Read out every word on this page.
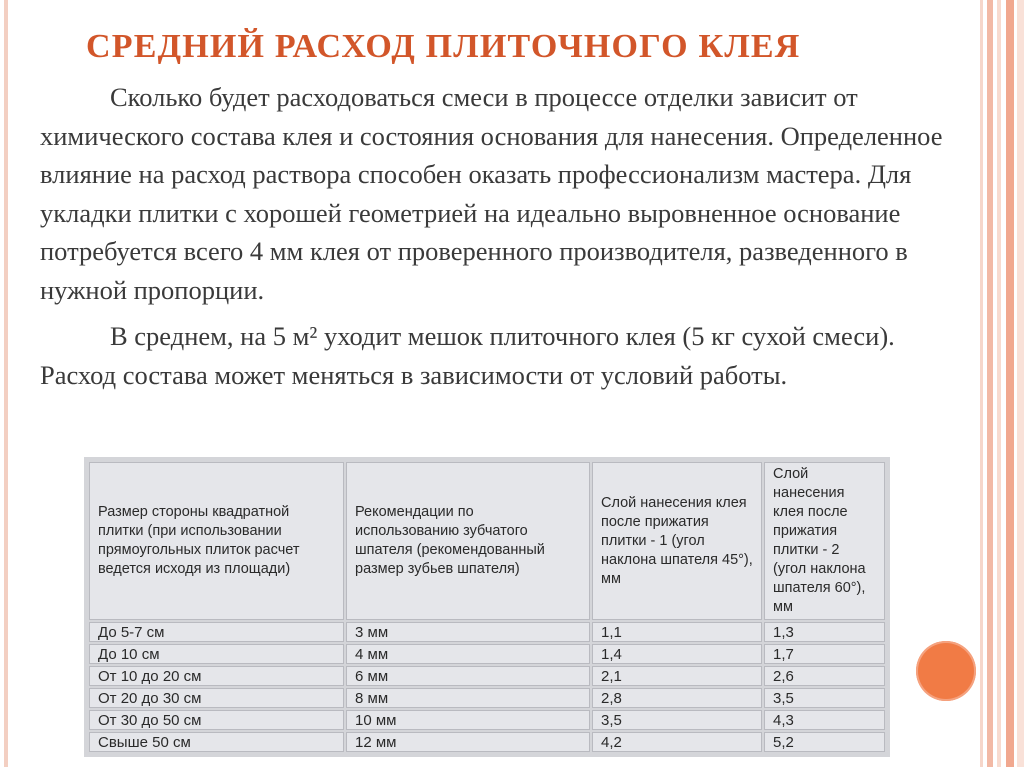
СРЕДНИЙ РАСХОД ПЛИТОЧНОГО КЛЕЯ

Сколько будет расходоваться смеси в процессе отделки зависит от химического состава клея и состояния основания для нанесения. Определенное влияние на расход раствора способен оказать профессионализм мастера. Для укладки плитки с хорошей геометрией на идеально выровненное основание потребуется всего 4 мм клея от проверенного производителя, разведенного в нужной пропорции.

В среднем, на 5 м² уходит мешок плиточного клея (5 кг сухой смеси). Расход состава может меняться в зависимости от условий работы.

Размер стороны квадратной плитки (при использовании прямоугольных плиток расчет ведется исходя из площади)	Рекомендации по использованию зубчатого шпателя (рекомендованный размер зубьев шпателя)	Слой нанесения клея после прижатия плитки - 1 (угол наклона шпателя 45°), мм	Слой нанесения клея после прижатия плитки - 2 (угол наклона шпателя 60°), мм
До 5-7 см	3 мм	1,1	1,3
До 10 см	4 мм	1,4	1,7
От 10 до 20 см	6 мм	2,1	2,6
От 20 до 30 см	8 мм	2,8	3,5
От 30 до 50 см	10 мм	3,5	4,3
Свыше 50 см	12 мм	4,2	5,2
